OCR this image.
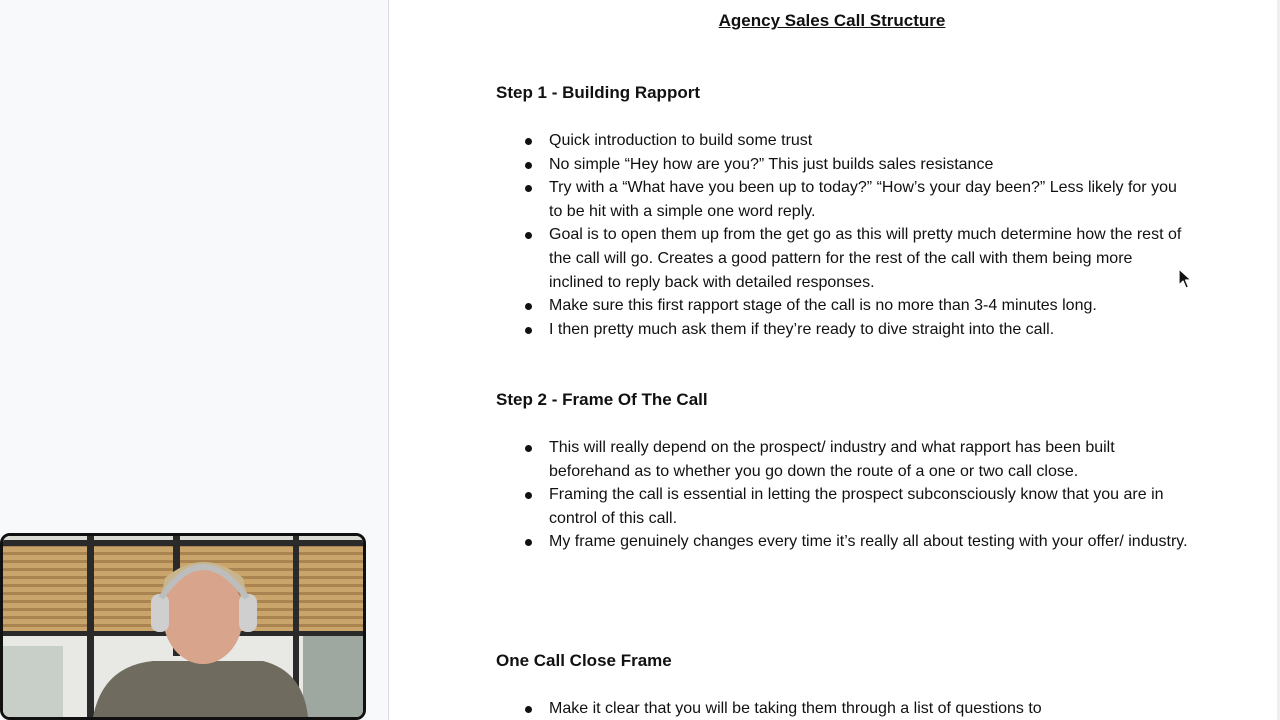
Agency Sales Call Structure
Step 1 - Building Rapport
Quick introduction to build some trust
No simple “Hey how are you?” This just builds sales resistance
Try with a “What have you been up to today?” “How’s your day been?” Less likely for you to be hit with a simple one word reply.
Goal is to open them up from the get go as this will pretty much determine how the rest of the call will go. Creates a good pattern for the rest of the call with them being more inclined to reply back with detailed responses.
Make sure this first rapport stage of the call is no more than 3-4 minutes long.
I then pretty much ask them if they’re ready to dive straight into the call.
Step 2 - Frame Of The Call
This will really depend on the prospect/ industry and what rapport has been built beforehand as to whether you go down the route of a one or two call close.
Framing the call is essential in letting the prospect subconsciously know that you are in control of this call.
My frame genuinely changes every time it’s really all about testing with your offer/ industry.
One Call Close Frame
Make it clear that you will be taking them through a list of questions to
